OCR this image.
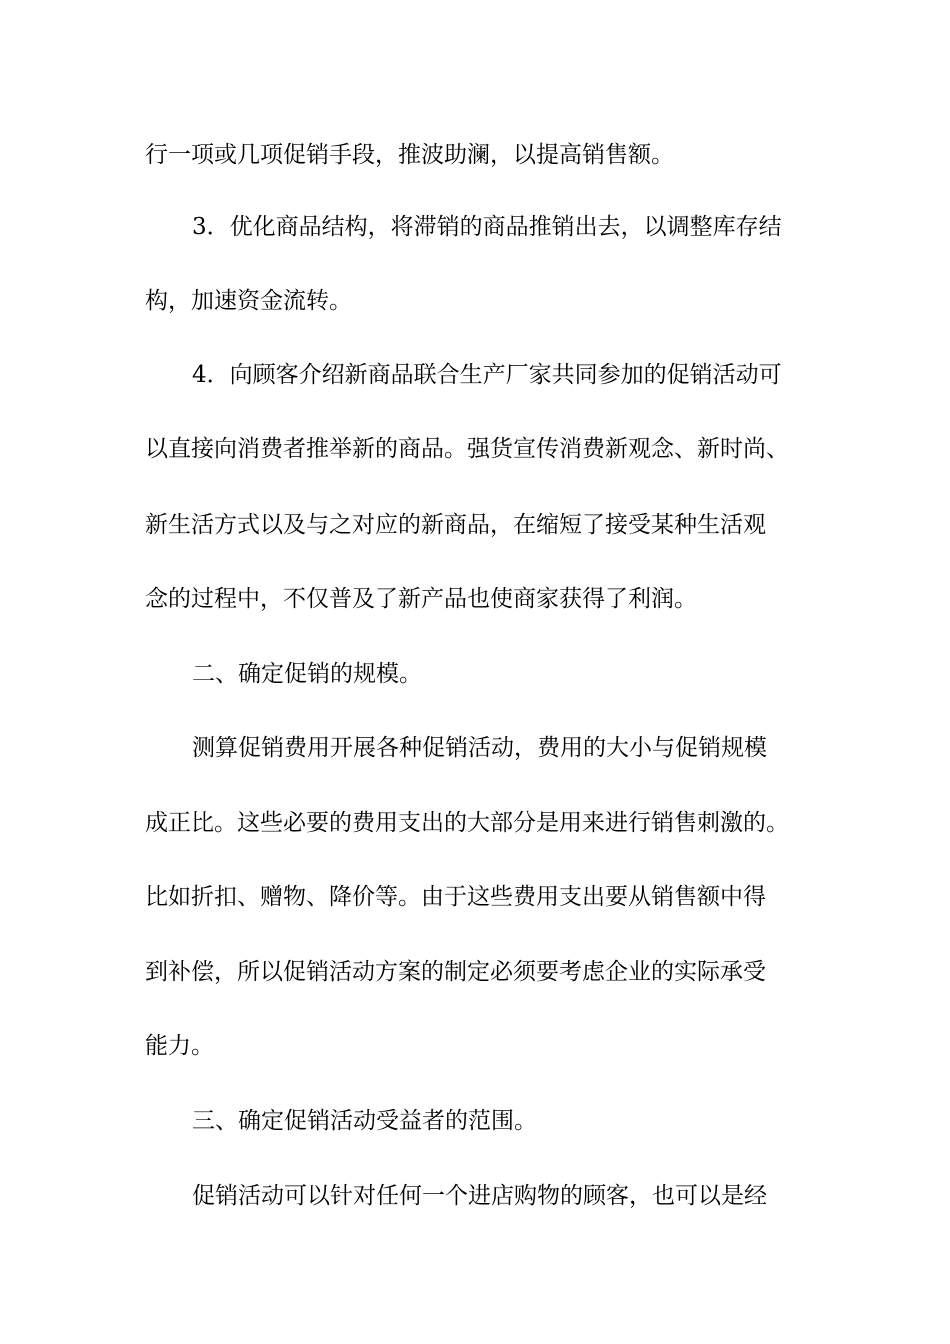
行一项或几项促销手段，推波助澜，以提高销售额。

3．优化商品结构，将滞销的商品推销出去，以调整库存结

构，加速资金流转。

4．向顾客介绍新商品联合生产厂家共同参加的促销活动可

以直接向消费者推举新的商品。强货宣传消费新观念、新时尚、

新生活方式以及与之对应的新商品，在缩短了接受某种生活观

念的过程中，不仅普及了新产品也使商家获得了利润。

二、确定促销的规模。

测算促销费用开展各种促销活动，费用的大小与促销规模

成正比。这些必要的费用支出的大部分是用来进行销售刺激的。

比如折扣、赠物、降价等。由于这些费用支出要从销售额中得

到补偿，所以促销活动方案的制定必须要考虑企业的实际承受

能力。

三、确定促销活动受益者的范围。

促销活动可以针对任何一个进店购物的顾客，也可以是经
